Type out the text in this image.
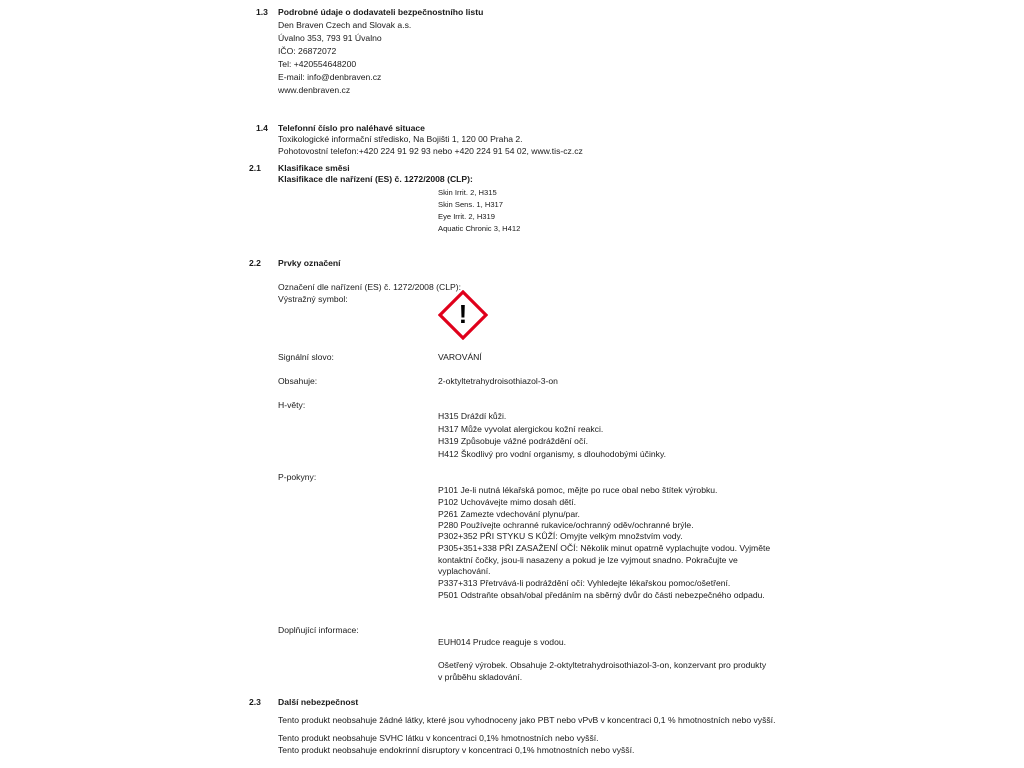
1.3 Podrobné údaje o dodavateli bezpečnostního listu
Den Braven Czech and Slovak a.s.
Úvalno 353, 793 91 Úvalno
IČO: 26872072
Tel: +420554648200
E-mail: info@denbraven.cz
www.denbraven.cz
1.4 Telefonní číslo pro naléhavé situace
Toxikologické informační středisko, Na Bojišti 1, 120 00 Praha 2.
Pohotovostní telefon:+420 224 91 92 93 nebo +420 224 91 54 02, www.tis-cz.cz
2.1 Klasifikace směsi
Klasifikace dle nařízení (ES) č. 1272/2008 (CLP):
Skin Irrit. 2, H315
Skin Sens. 1, H317
Eye Irrit. 2, H319
Aquatic Chronic 3, H412
2.2 Prvky označení
Označení dle nařízení (ES) č. 1272/2008 (CLP):
Výstražný symbol:	!
Signální slovo:	VAROVÁNÍ
Obsahuje:	2-oktyltetrahydroisothiazol-3-on
H-věty:
H315 Dráždí kůži.
H317 Může vyvolat alergickou kožní reakci.
H319 Způsobuje vážné podráždění očí.
H412 Škodlivý pro vodní organismy, s dlouhodobými účinky.
P-pokyny:
P101 Je-li nutná lékařská pomoc, mějte po ruce obal nebo štítek výrobku.
P102 Uchovávejte mimo dosah dětí.
P261 Zamezte vdechování plynu/par.
P280 Používejte ochranné rukavice/ochranný oděv/ochranné brýle.
P302+352 PŘI STYKU S KŮŽÍ: Omyjte velkým množstvím vody.
P305+351+338 PŘI ZASAŽENÍ OČÍ: Několik minut opatrně vyplachujte vodou. Vyjměte
kontaktní čočky, jsou-li nasazeny a pokud je lze vyjmout snadno. Pokračujte ve
vyplachování.
P337+313 Přetrvává-li podráždění očí: Vyhledejte lékařskou pomoc/ošetření.
P501 Odstraňte obsah/obal předáním na sběrný dvůr do části nebezpečného odpadu.
Doplňující informace:
EUH014 Prudce reaguje s vodou.
Ošetřený výrobek. Obsahuje 2-oktyltetrahydroisothiazol-3-on, konzervant pro produkty
v průběhu skladování.
2.3 Další nebezpečnost
Tento produkt neobsahuje žádné látky, které jsou vyhodnoceny jako PBT nebo vPvB v koncentraci 0,1 % hmotnostních nebo vyšší.
Tento produkt neobsahuje SVHC látku v koncentraci 0,1% hmotnostních nebo vyšší.
Tento produkt neobsahuje endokrinní disruptory v koncentraci 0,1% hmotnostních nebo vyšší.
